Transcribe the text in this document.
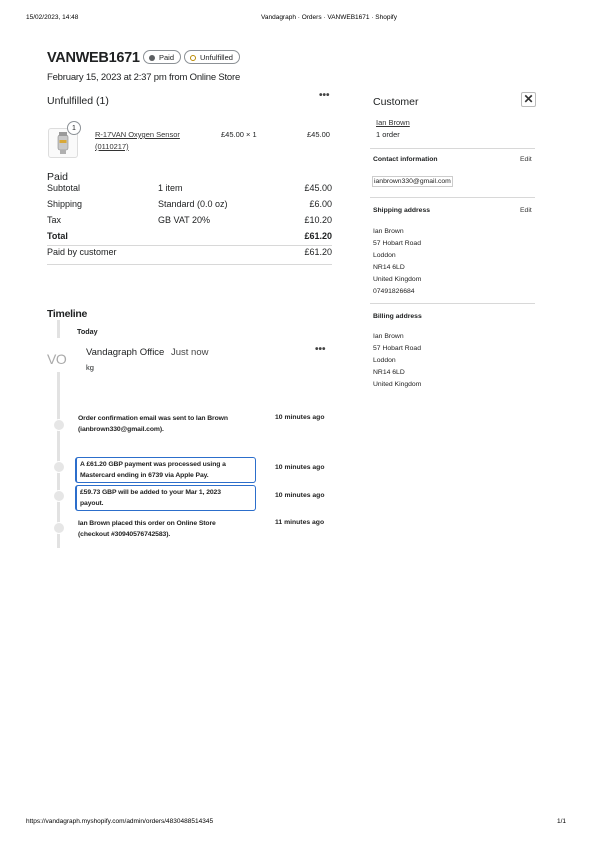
15/02/2023, 14:48	Vandagraph · Orders · VANWEB1671 · Shopify
VANWEB1671	Paid	Unfulfilled
February 15, 2023 at 2:37 pm from Online Store
Unfulfilled (1)	•••
1
R-17VAN Oxygen Sensor
(0110217)
£45.00 × 1	£45.00
Paid
Subtotal	1 item	£45.00
Shipping	Standard (0.0 oz)	£6.00
Tax	GB VAT 20%	£10.20
Total	£61.20
Paid by customer	£61.20
Timeline
Today
VO Vandagraph Office Just now
kg
•••
Order confirmation email was sent to Ian Brown
(ianbrown330@gmail.com).
10 minutes ago
A £61.20 GBP payment was processed using a
Mastercard ending in 6739 via Apple Pay.
10 minutes ago
£59.73 GBP will be added to your Mar 1, 2023
payout.
10 minutes ago
Ian Brown placed this order on Online Store
(checkout #30940576742583).
11 minutes ago
Customer	✕
Ian Brown
1 order
Contact information	Edit
ianbrown330@gmail.com
Shipping address	Edit
Ian Brown
57 Hobart Road
Loddon
NR14 6LD
United Kingdom
07491826684
Billing address
Ian Brown
57 Hobart Road
Loddon
NR14 6LD
United Kingdom
https://vandagraph.myshopify.com/admin/orders/4830488514345	1/1
